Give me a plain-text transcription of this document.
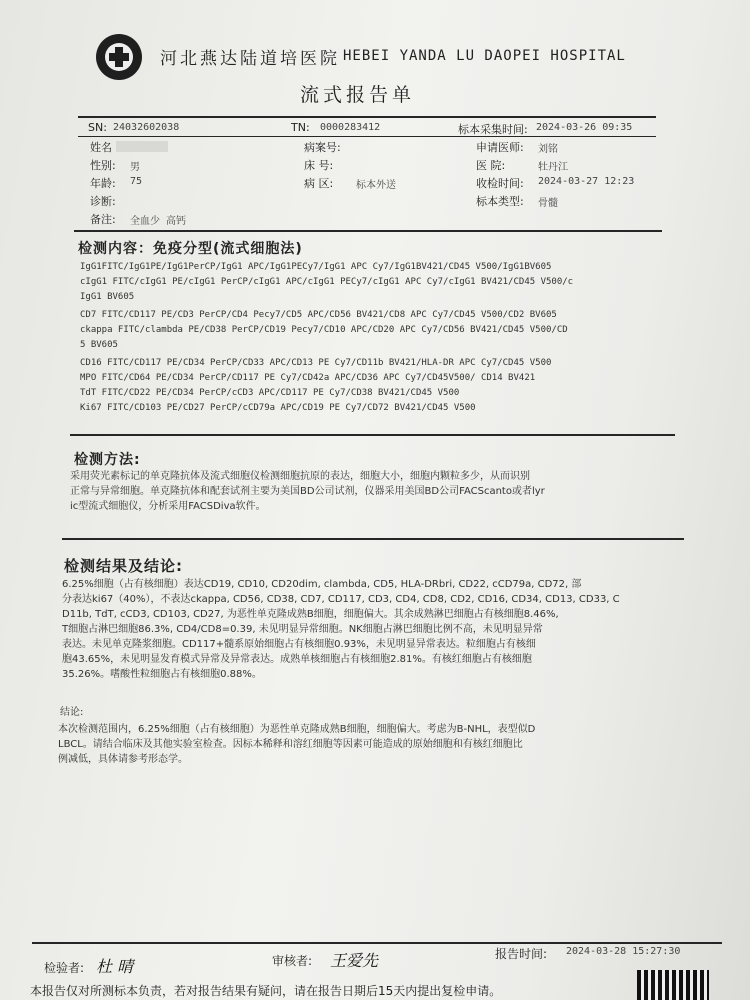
河北燕达陆道培医院 HEBEI YANDA LU DAOPEI HOSPITAL
流式报告单
SN: 24032602038	TN: 0000283412	标本采集时间: 2024-03-26 09:35
姓名	病案号:	申请医师: 刘铭
性别: 男	床 号:	医 院:	牡丹江
年龄: 75	病 区: 标本外送	收检时间: 2024-03-27 12:23
诊断:	标本类型: 骨髓
备注: 全血少 高钙
检测内容：免疫分型(流式细胞法)
IgG1FITC/IgG1PE/IgG1PerCP/IgG1 APC/IgG1PECy7/IgG1 APC Cy7/IgG1BV421/CD45 V500/IgG1BV605
cIgG1 FITC/cIgG1 PE/cIgG1 PerCP/cIgG1 APC/cIgG1 PECy7/cIgG1 APC Cy7/cIgG1 BV421/CD45 V500/c
IgG1 BV605
CD7 FITC/CD117 PE/CD3 PerCP/CD4 Pecy7/CD5 APC/CD56 BV421/CD8 APC Cy7/CD45 V500/CD2 BV605
ckappa FITC/clambda PE/CD38 PerCP/CD19 Pecy7/CD10 APC/CD20 APC Cy7/CD56 BV421/CD45 V500/CD
5 BV605
CD16 FITC/CD117 PE/CD34 PerCP/CD33 APC/CD13 PE Cy7/CD11b BV421/HLA-DR APC Cy7/CD45 V500
MPO FITC/CD64 PE/CD34 PerCP/CD117 PE Cy7/CD42a APC/CD36 APC Cy7/CD45V500/ CD14 BV421
TdT FITC/CD22 PE/CD34 PerCP/cCD3 APC/CD117 PE Cy7/CD38 BV421/CD45 V500
Ki67 FITC/CD103 PE/CD27 PerCP/cCD79a APC/CD19 PE Cy7/CD72 BV421/CD45 V500
检测方法:
采用荧光素标记的单克隆抗体及流式细胞仪检测细胞抗原的表达，细胞大小，细胞内颗粒多少，从而识别
正常与异常细胞。单克隆抗体和配套试剂主要为美国BD公司试剂，仪器采用美国BD公司FACScanto或者lyr
ic型流式细胞仪，分析采用FACSDiva软件。
检测结果及结论:
6.25%细胞（占有核细胞）表达CD19, CD10, CD20dim, clambda, CD5, HLA-DRbri, CD22, cCD79a, CD72, 部
分表达ki67（40%），不表达ckappa, CD56, CD38, CD7, CD117, CD3, CD4, CD8, CD2, CD16, CD34, CD13, CD33, C
D11b, TdT, cCD3, CD103, CD27, 为恶性单克隆成熟B细胞，细胞偏大。其余成熟淋巴细胞占有核细胞8.46%,
T细胞占淋巴细胞86.3%, CD4/CD8=0.39, 未见明显异常细胞。NK细胞占淋巴细胞比例不高，未见明显异常
表达。未见单克隆浆细胞。CD117+髓系原始细胞占有核细胞0.93%，未见明显异常表达。粒细胞占有核细
胞43.65%，未见明显发育模式异常及异常表达。成熟单核细胞占有核细胞2.81%。有核红细胞占有核细胞
35.26%。嗜酸性粒细胞占有核细胞0.88%。
结论:
本次检测范围内，6.25%细胞（占有核细胞）为恶性单克隆成熟B细胞，细胞偏大。考虑为B-NHL，表型似D
LBCL。请结合临床及其他实验室检查。因标本稀释和溶红细胞等因素可能造成的原始细胞和有核红细胞比
例减低，具体请参考形态学。
检验者: 杜 晴	审核者: 王爱先	报告时间: 2024-03-28 15:27:30
本报告仅对所测标本负责，若对报告结果有疑问，请在报告日期后15天内提出复检申请。
